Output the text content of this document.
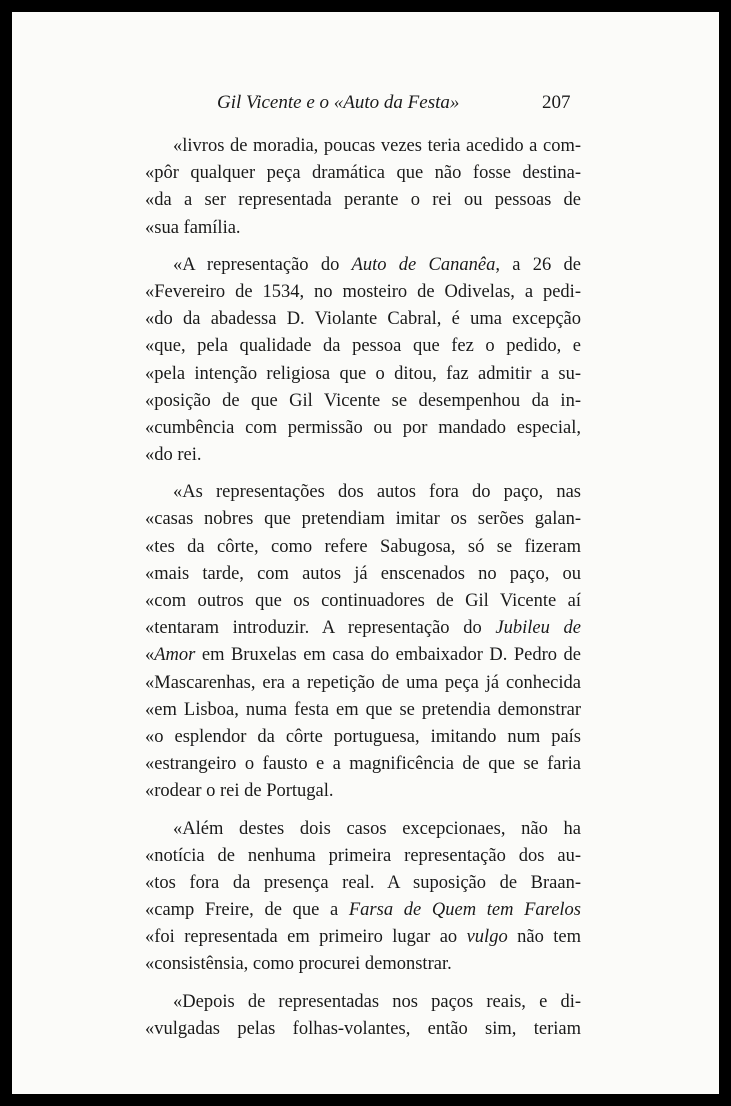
Gil Vicente e o «Auto da Festa»	207
«livros de moradia, poucas vezes teria acedido a com-
«pôr qualquer peça dramática que não fosse destina-
«da a ser representada perante o rei ou pessoas de
«sua família.
«A representação do Auto de Cananêa, a 26 de
«Fevereiro de 1534, no mosteiro de Odivelas, a pedi-
«do da abadessa D. Violante Cabral, é uma excepção
«que, pela qualidade da pessoa que fez o pedido, e
«pela intenção religiosa que o ditou, faz admitir a su-
«posição de que Gil Vicente se desempenhou da in-
«cumbência com permissão ou por mandado especial,
«do rei.
«As representações dos autos fora do paço, nas
«casas nobres que pretendiam imitar os serões galan-
«tes da côrte, como refere Sabugosa, só se fizeram
«mais tarde, com autos já enscenados no paço, ou
«com outros que os continuadores de Gil Vicente aí
«tentaram introduzir. A representação do Jubileu de
«Amor em Bruxelas em casa do embaixador D. Pedro de
«Mascarenhas, era a repetição de uma peça já conhecida
«em Lisboa, numa festa em que se pretendia demonstrar
«o esplendor da côrte portuguesa, imitando num país
«estrangeiro o fausto e a magnificência de que se faria
«rodear o rei de Portugal.
«Além destes dois casos excepcionaes, não ha
«notícia de nenhuma primeira representação dos au-
«tos fora da presença real. A suposição de Braan-
«camp Freire, de que a Farsa de Quem tem Farelos
«foi representada em primeiro lugar ao vulgo não tem
«consistênsia, como procurei demonstrar.
«Depois de representadas nos paços reais, e di-
«vulgadas pelas folhas-volantes, então sim, teriam
